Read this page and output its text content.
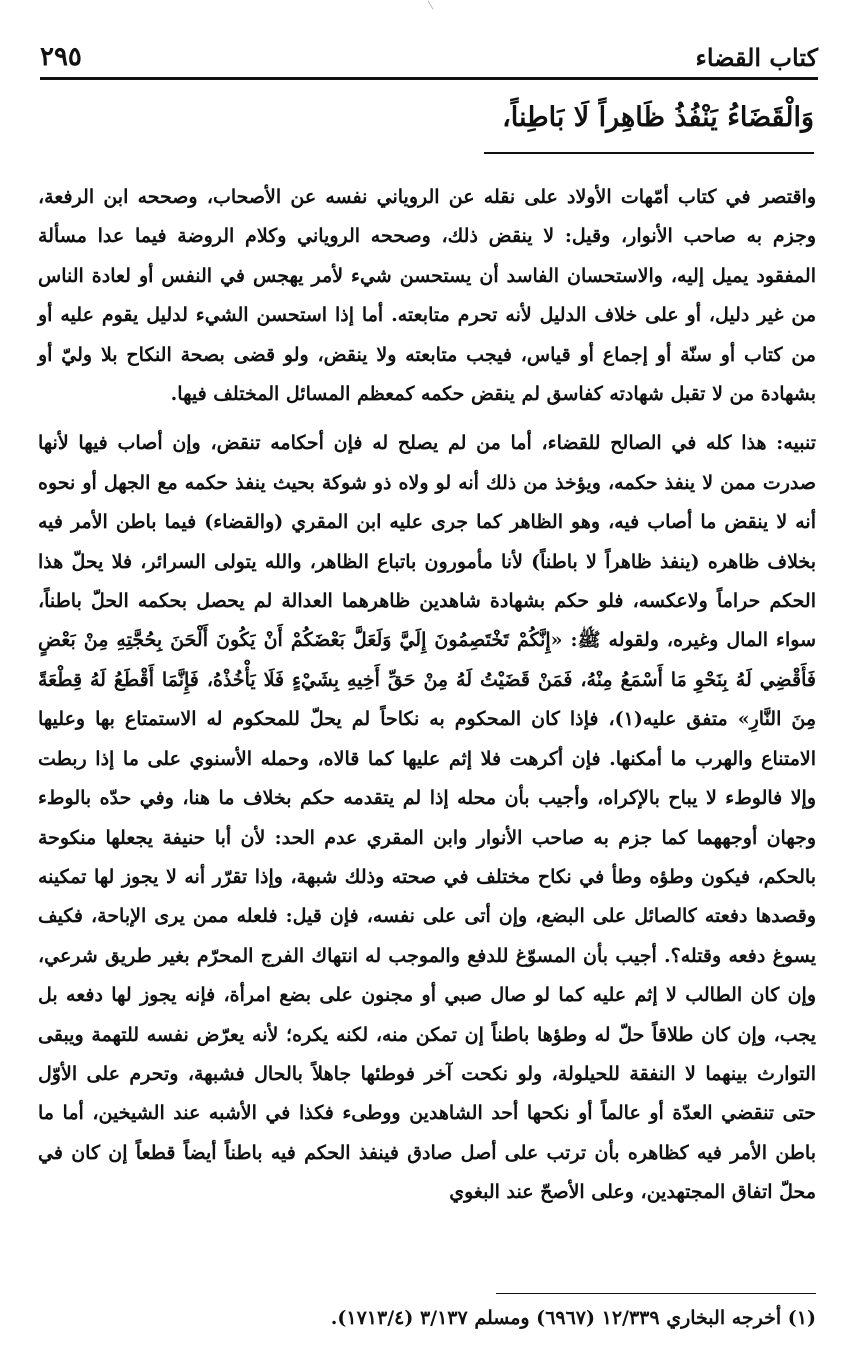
كتاب القضاء
٢٩٥
وَالْقَضَاءُ يَنْفُذُ ظَاهِراً لَا بَاطِناً،

واقتصر في كتاب أمّهات الأولاد على نقله عن الروياني نفسه عن الأصحاب، وصححه ابن الرفعة، وجزم به صاحب الأنوار، وقيل: لا ينقض ذلك، وصححه الروياني وكلام الروضة فيما عدا مسألة المفقود يميل إليه، والاستحسان الفاسد أن يستحسن شيء لأمر يهجس في النفس أو لعادة الناس من غير دليل، أو على خلاف الدليل لأنه تحرم متابعته. أما إذا استحسن الشيء لدليل يقوم عليه أو من كتاب أو سنّة أو إجماع أو قياس، فيجب متابعته ولا ينقض، ولو قضى بصحة النكاح بلا وليّ أو بشهادة من لا تقبل شهادته كفاسق لم ينقض حكمه كمعظم المسائل المختلف فيها.

تنبيه: هذا كله في الصالح للقضاء، أما من لم يصلح له فإن أحكامه تنقض، وإن أصاب فيها لأنها صدرت ممن لا ينفذ حكمه، ويؤخذ من ذلك أنه لو ولاه ذو شوكة بحيث ينفذ حكمه مع الجهل أو نحوه أنه لا ينقض ما أصاب فيه، وهو الظاهر كما جرى عليه ابن المقري (والقضاء) فيما باطن الأمر فيه بخلاف ظاهره (ينفذ ظاهراً لا باطناً) لأنا مأمورون باتباع الظاهر، والله يتولى السرائر، فلا يحلّ هذا الحكم حراماً ولاعكسه، فلو حكم بشهادة شاهدين ظاهرهما العدالة لم يحصل بحكمه الحلّ باطناً، سواء المال وغيره، ولقوله ﷺ: «إِنَّكُمْ تَخْتَصِمُونَ إِلَيَّ وَلَعَلَّ بَعْضَكُمْ أَنْ يَكُونَ أَلْحَنَ بِحُجَّتِهِ مِنْ بَعْضٍ فَأَقْضِي لَهُ بِنَحْوِ مَا أَسْمَعُ مِنْهُ، فَمَنْ قَضَيْتُ لَهُ مِنْ حَقِّ أَخِيهِ بِشَيْءٍ فَلَا يَأْخُذْهُ، فَإِنَّمَا أَقْطَعُ لَهُ قِطْعَةً مِنَ النَّارِ» متفق عليه(١)، فإذا كان المحكوم به نكاحاً لم يحلّ للمحكوم له الاستمتاع بها وعليها الامتناع والهرب ما أمكنها. فإن أكرهت فلا إثم عليها كما قالاه، وحمله الأسنوي على ما إذا ربطت وإلا فالوطء لا يباح بالإكراه، وأجيب بأن محله إذا لم يتقدمه حكم بخلاف ما هنا، وفي حدّه بالوطء وجهان أوجههما كما جزم به صاحب الأنوار وابن المقري عدم الحد: لأن أبا حنيفة يجعلها منكوحة بالحكم، فيكون وطؤه وطأ في نكاح مختلف في صحته وذلك شبهة، وإذا تقرّر أنه لا يجوز لها تمكينه وقصدها دفعته كالصائل على البضع، وإن أتى على نفسه، فإن قيل: فلعله ممن يرى الإباحة، فكيف يسوغ دفعه وقتله؟. أجيب بأن المسوّغ للدفع والموجب له انتهاك الفرج المحرّم بغير طريق شرعي، وإن كان الطالب لا إثم عليه كما لو صال صبي أو مجنون على بضع امرأة، فإنه يجوز لها دفعه بل يجب، وإن كان طلاقاً حلّ له وطؤها باطناً إن تمكن منه، لكنه يكره؛ لأنه يعرّض نفسه للتهمة ويبقى التوارث بينهما لا النفقة للحيلولة، ولو نكحت آخر فوطئها جاهلاً بالحال فشبهة، وتحرم على الأوّل حتى تنقضي العدّة أو عالماً أو نكحها أحد الشاهدين ووطىء فكذا في الأشبه عند الشيخين، أما ما باطن الأمر فيه كظاهره بأن ترتب على أصل صادق فينفذ الحكم فيه باطناً أيضاً قطعاً إن كان في محلّ اتفاق المجتهدين، وعلى الأصحّ عند البغوي

(١) أخرجه البخاري ١٢/٣٣٩ (٦٩٦٧) ومسلم ٣/١٣٧ (١٧١٣/٤).
